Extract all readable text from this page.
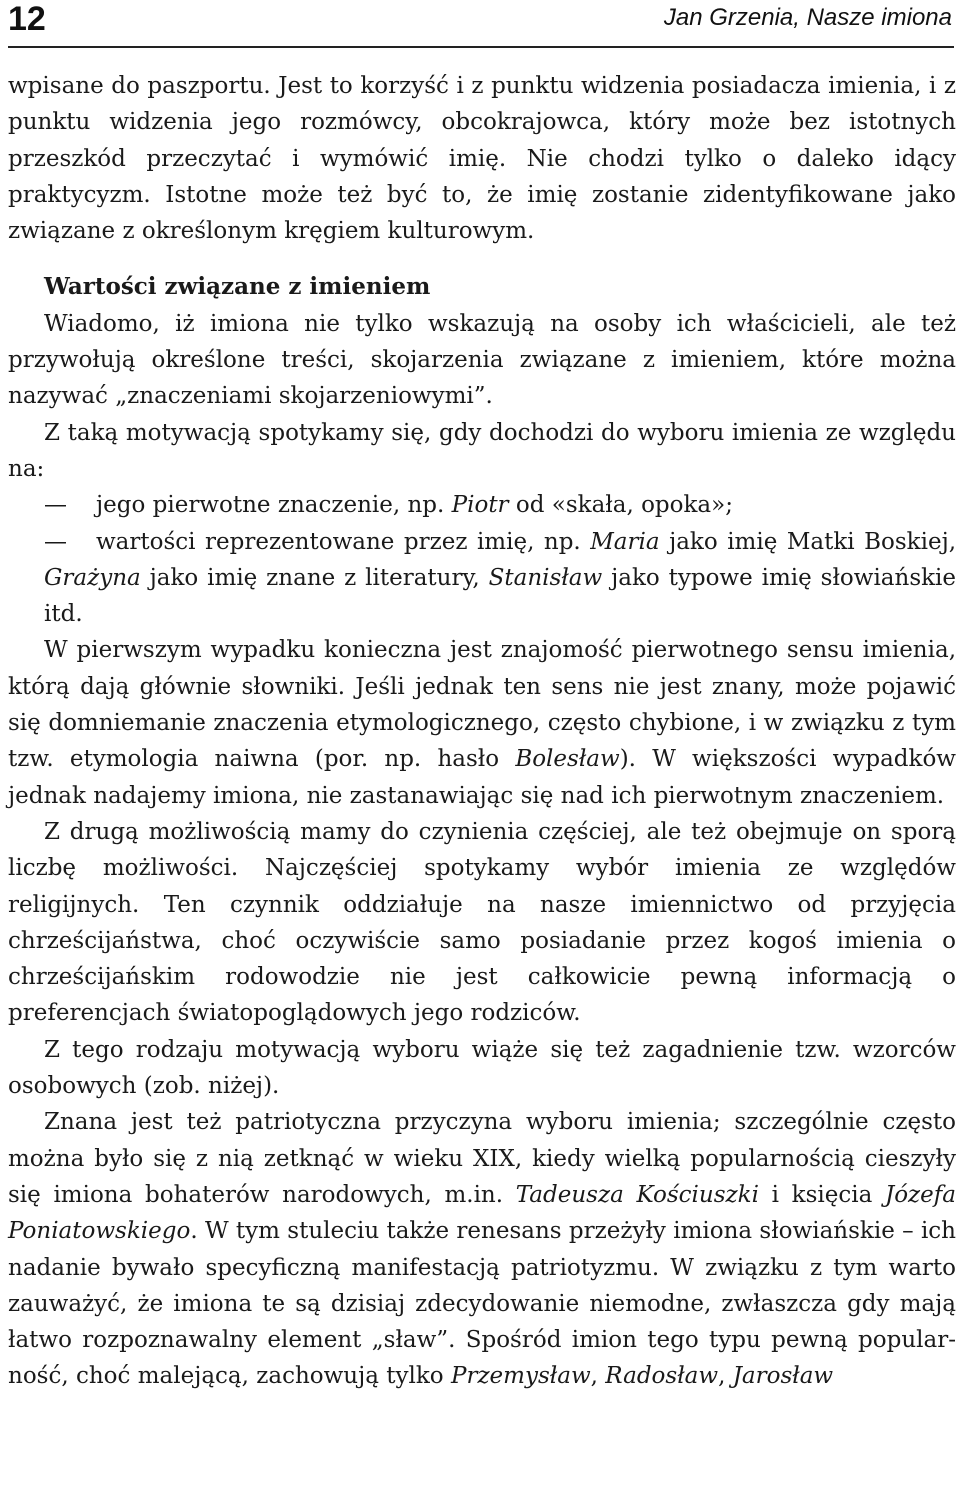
12	Jan Grzenia, Nasze imiona

wpisane do paszportu. Jest to korzyść i z punktu widzenia posiadacza imienia, i z punktu widzenia jego rozmówcy, obcokrajowca, który może bez istotnych przeszkód przeczytać i wymówić imię. Nie chodzi tylko o daleko idący praktycyzm. Istotne może też być to, że imię zostanie zidentyfikowane jako związane z określonym kręgiem kulturowym.

Wartości związane z imieniem

Wiadomo, iż imiona nie tylko wskazują na osoby ich właścicieli, ale też przywołują określone treści, skojarzenia związane z imieniem, które można nazywać „znaczeniami skojarzeniowymi”.

Z taką motywacją spotykamy się, gdy dochodzi do wyboru imienia ze względu na:

— jego pierwotne znaczenie, np. Piotr od «skała, opoka»;

— wartości reprezentowane przez imię, np. Maria jako imię Matki Boskiej, Grażyna jako imię znane z literatury, Stanisław jako typowe imię słowiańskie itd.

W pierwszym wypadku konieczna jest znajomość pierwotnego sensu imienia, którą dają głównie słowniki. Jeśli jednak ten sens nie jest znany, może pojawić się domniemanie znaczenia etymologicznego, często chybione, i w związku z tym tzw. etymologia naiwna (por. np. hasło Bolesław). W większości wypadków jednak nadajemy imiona, nie zastanawiając się nad ich pierwotnym znaczeniem.

Z drugą możliwością mamy do czynienia częściej, ale też obejmuje on sporą liczbę możliwości. Najczęściej spotykamy wybór imienia ze względów religijnych. Ten czynnik oddziałuje na nasze imiennictwo od przyjęcia chrześcijaństwa, choć oczywiście samo posiadanie przez kogoś imienia o chrześcijańskim rodowodzie nie jest całkowicie pewną informacją o preferencjach światopoglądowych jego rodziców.

Z tego rodzaju motywacją wyboru wiąże się też zagadnienie tzw. wzorców osobowych (zob. niżej).

Znana jest też patriotyczna przyczyna wyboru imienia; szczególnie często można było się z nią zetknąć w wieku XIX, kiedy wielką popularnością cieszyły się imiona bohaterów narodowych, m.in. Tadeusza Kościuszki i księcia Józefa Poniatowskiego. W tym stuleciu także renesans przeżyły imiona słowiańskie – ich nadanie bywało specyficzną manifestacją patriotyzmu. W związku z tym warto zauważyć, że imiona te są dzisiaj zdecydowanie niemodne, zwłaszcza gdy mają łatwo rozpoznawalny element „sław”. Spośród imion tego typu pewną popularność, choć malejącą, zachowują tylko Przemysław, Radosław, Jarosław
